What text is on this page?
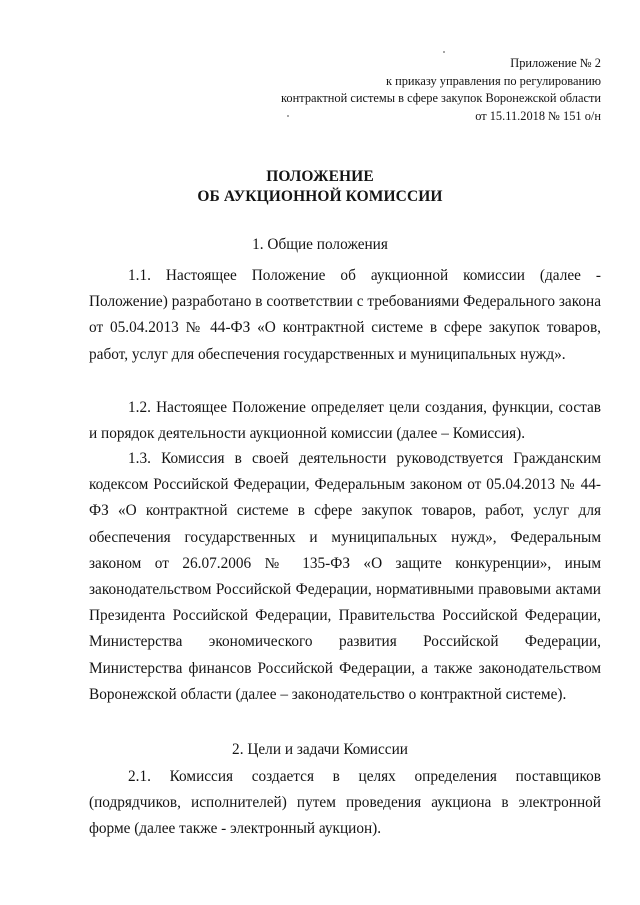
Приложение № 2
к приказу управления по регулированию
контрактной системы в сфере закупок Воронежской области
от 15.11.2018 № 151 о/н
ПОЛОЖЕНИЕ
ОБ АУКЦИОННОЙ КОМИССИИ
1. Общие положения
1.1. Настоящее Положение об аукционной комиссии (далее - Положение) разработано в соответствии с требованиями Федерального закона от 05.04.2013 № 44-ФЗ «О контрактной системе в сфере закупок товаров, работ, услуг для обеспечения государственных и муниципальных нужд».
1.2. Настоящее Положение определяет цели создания, функции, состав и порядок деятельности аукционной комиссии (далее – Комиссия).
1.3. Комиссия в своей деятельности руководствуется Гражданским кодексом Российской Федерации, Федеральным законом от 05.04.2013 № 44-ФЗ «О контрактной системе в сфере закупок товаров, работ, услуг для обеспечения государственных и муниципальных нужд», Федеральным законом от 26.07.2006 № 135-ФЗ «О защите конкуренции», иным законодательством Российской Федерации, нормативными правовыми актами Президента Российской Федерации, Правительства Российской Федерации, Министерства экономического развития Российской Федерации, Министерства финансов Российской Федерации, а также законодательством Воронежской области (далее – законодательство о контрактной системе).
2. Цели и задачи Комиссии
2.1. Комиссия создается в целях определения поставщиков (подрядчиков, исполнителей) путем проведения аукциона в электронной форме (далее также - электронный аукцион).
